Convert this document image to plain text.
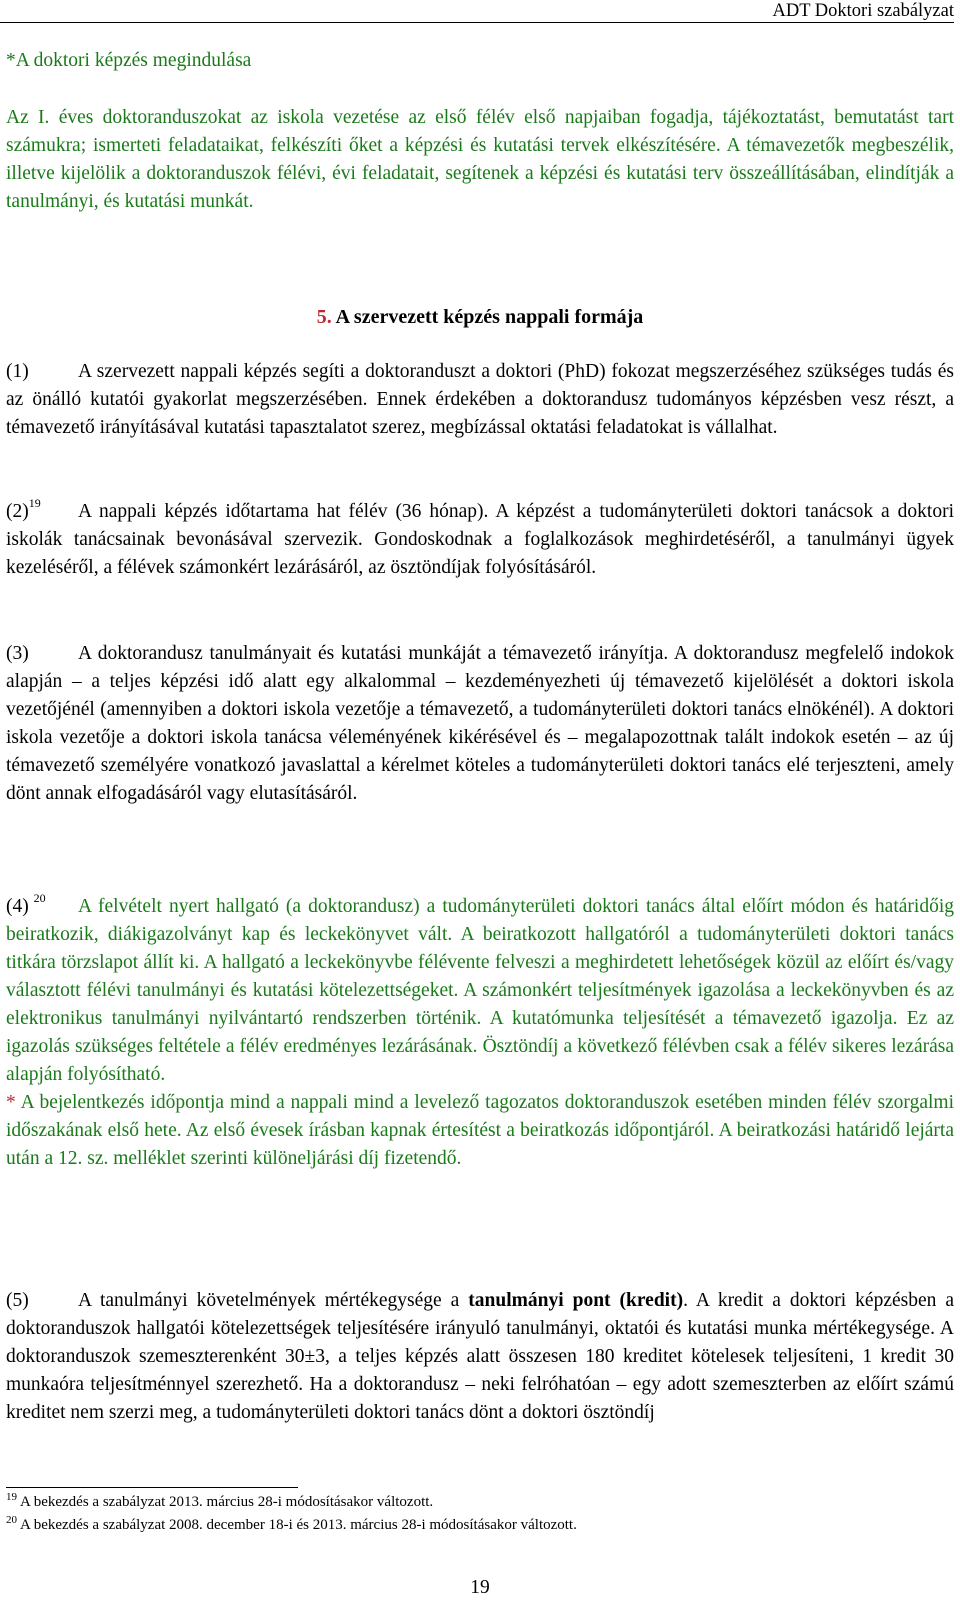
ADT Doktori szabályzat
*A doktori képzés megindulása
Az I. éves doktoranduszokat az iskola vezetése az első félév első napjaiban fogadja, tájékoztatást, bemutatást tart számukra; ismerteti feladataikat, felkészíti őket a képzési és kutatási tervek elkészítésére. A témavezetők megbeszélik, illetve kijelölik a doktoranduszok félévi, évi feladatait, segítenek a képzési és kutatási terv összeállításában, elindítják a tanulmányi, és kutatási munkát.
5. A szervezett képzés nappali formája
(1)	A szervezett nappali képzés segíti a doktoranduszt a doktori (PhD) fokozat megszerzéséhez szükséges tudás és az önálló kutatói gyakorlat megszerzésében. Ennek érdekében a doktorandusz tudományos képzésben vesz részt, a témavezető irányításával kutatási tapasztalatot szerez, megbízással oktatási feladatokat is vállalhat.
$(2)^{19}$ A nappali képzés időtartama hat félév (36 hónap). A képzést a tudományterületi doktori tanácsok a doktori iskolák tanácsainak bevonásával szervezik. Gondoskodnak a foglalkozások meghirdetéséről, a tanulmányi ügyek kezeléséről, a félévek számonkért lezárásáról, az ösztöndíjak folyósításáról.
(3)	A doktorandusz tanulmányait és kutatási munkáját a témavezető irányítja. A doktorandusz megfelelő indokok alapján – a teljes képzési idő alatt egy alkalommal – kezdeményezheti új témavezető kijelölését a doktori iskola vezetőjénél (amennyiben a doktori iskola vezetője a témavezető, a tudományterületi doktori tanács elnökénél). A doktori iskola vezetője a doktori iskola tanácsa véleményének kikérésével és – megalapozottnak talált indokok esetén – az új témavezető személyére vonatkozó javaslattal a kérelmet köteles a tudományterületi doktori tanács elé terjeszteni, amely dönt annak elfogadásáról vagy elutasításáról.
(4) $^{20}$ A felvételt nyert hallgató (a doktorandusz) a tudományterületi doktori tanács által előírt módon és határidőig beiratkozik, diákigazolványt kap és leckekönyvet vált. A beiratkozott hallgatóról a tudományterületi doktori tanács titkára törzslapot állít ki. A hallgató a leckekönyvbe félévente felveszi a meghirdetett lehetőségek közül az előírt és/vagy választott félévi tanulmányi és kutatási kötelezettségeket. A számonkért teljesítmények igazolása a leckekönyvben és az elektronikus tanulmányi nyilvántartó rendszerben történik. A kutatómunka teljesítését a témavezető igazolja. Ez az igazolás szükséges feltétele a félév eredményes lezárásának. Ösztöndíj a következő félévben csak a félév sikeres lezárása alapján folyósítható.
* A bejelentkezés időpontja mind a nappali mind a levelező tagozatos doktoranduszok esetében minden félév szorgalmi időszakának első hete. Az első évesek írásban kapnak értesítést a beiratkozás időpontjáról. A beiratkozási határidő lejárta után a 12. sz. melléklet szerinti különeljárási díj fizetendő.
(5)	A tanulmányi követelmények mértékegysége a tanulmányi pont (kredit). A kredit a doktori képzésben a doktoranduszok hallgatói kötelezettségek teljesítésére irányuló tanulmányi, oktatói és kutatási munka mértékegysége. A doktoranduszok szemeszterenként 30±3, a teljes képzés alatt összesen 180 kreditet kötelesek teljesíteni, 1 kredit 30 munkaóra teljesítménnyel szerezhető. Ha a doktorandusz – neki felróhatóan – egy adott szemeszterben az előírt számú kreditet nem szerzi meg, a tudományterületi doktori tanács dönt a doktori ösztöndíj
$^{19}$ A bekezdés a szabályzat 2013. március 28-i módosításakor változott.
$^{20}$ A bekezdés a szabályzat 2008. december 18-i és 2013. március 28-i módosításakor változott.
19
